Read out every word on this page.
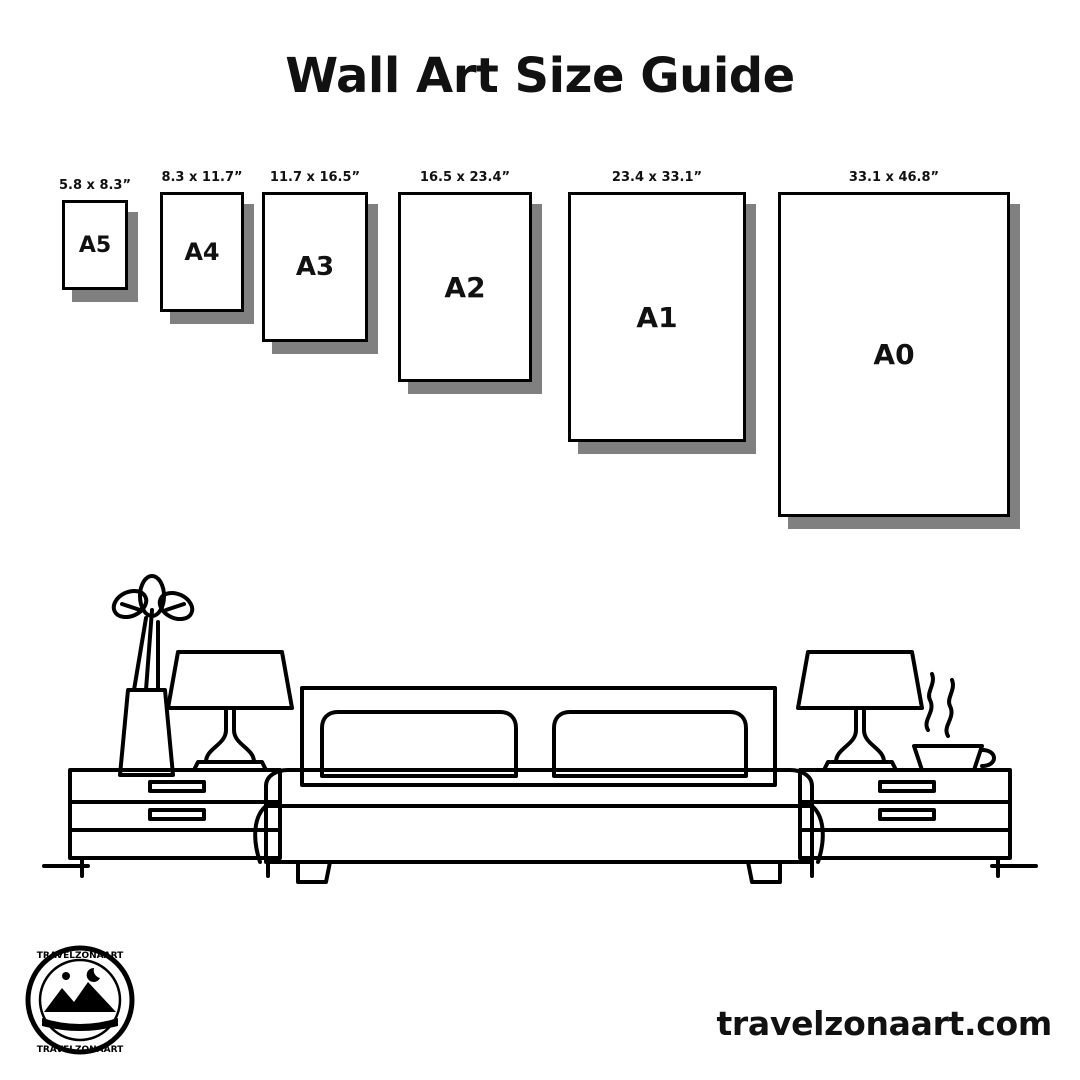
Wall Art Size Guide
5.8 x 8.3”
A5
8.3 x 11.7”
A4
11.7 x 16.5”
A3
16.5 x 23.4”
A2
23.4 x 33.1”
A1
33.1 x 46.8”
A0
TRAVELZONAART
TRAVELZONAART
travelzonaart.com
